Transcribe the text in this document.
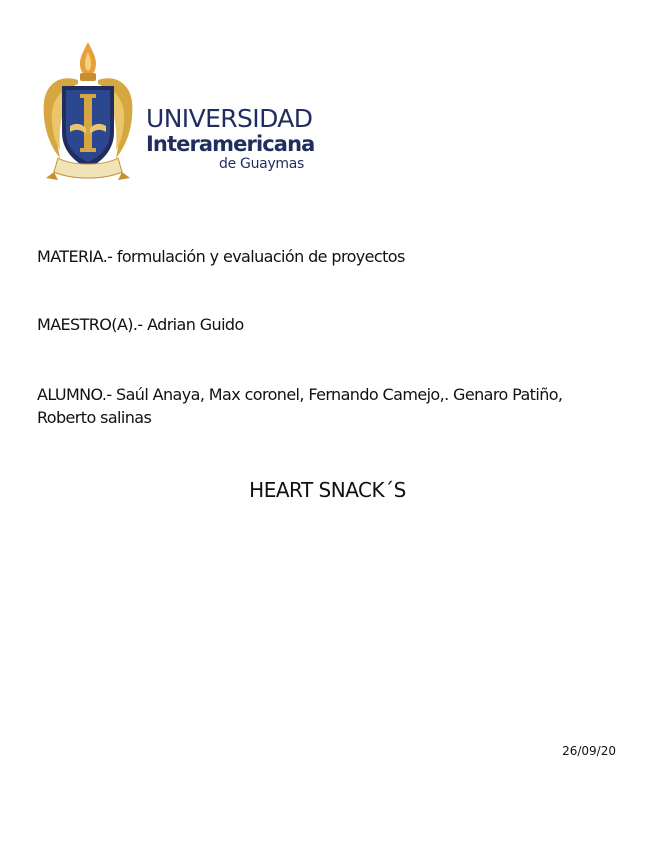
UNIVERSIDAD
Interamericana
de Guaymas
MATERIA.- formulación y evaluación de proyectos
MAESTRO(A).- Adrian Guido
ALUMNO.- Saúl Anaya, Max coronel, Fernando Camejo,. Genaro Patiño, Roberto salinas
HEART SNACK´S
26/09/20
